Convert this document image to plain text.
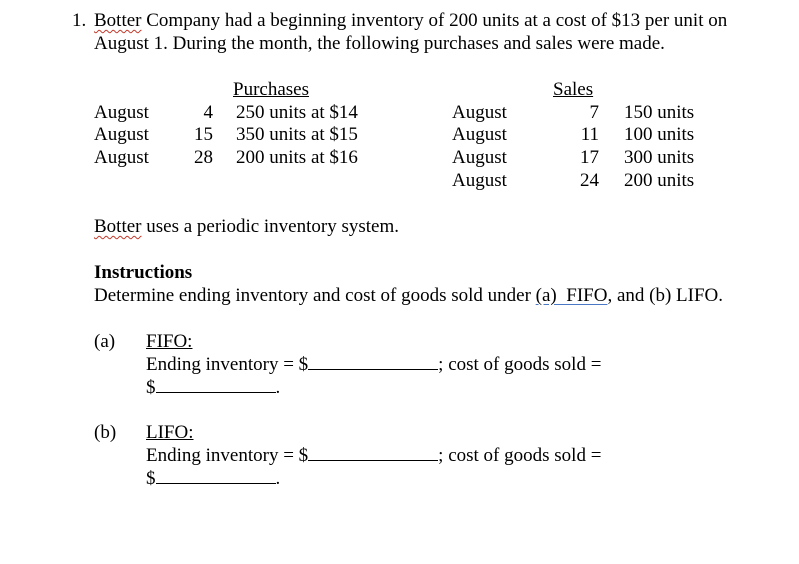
1. Botter Company had a beginning inventory of 200 units at a cost of $13 per unit on
August 1. During the month, the following purchases and sales were made.
Purchases
August	4 250 units at $14
August	15 350 units at $15
August	28 200 units at $16
Sales
August	7 150 units
August	11 100 units
August	17 300 units
August	24 200 units
Botter uses a periodic inventory system.
Instructions
Determine ending inventory and cost of goods sold under (a)  FIFO, and (b) LIFO.
(a) FIFO:
Ending inventory = $	; cost of goods sold =
$	.
(b) LIFO:
Ending inventory = $	; cost of goods sold =
$	.
